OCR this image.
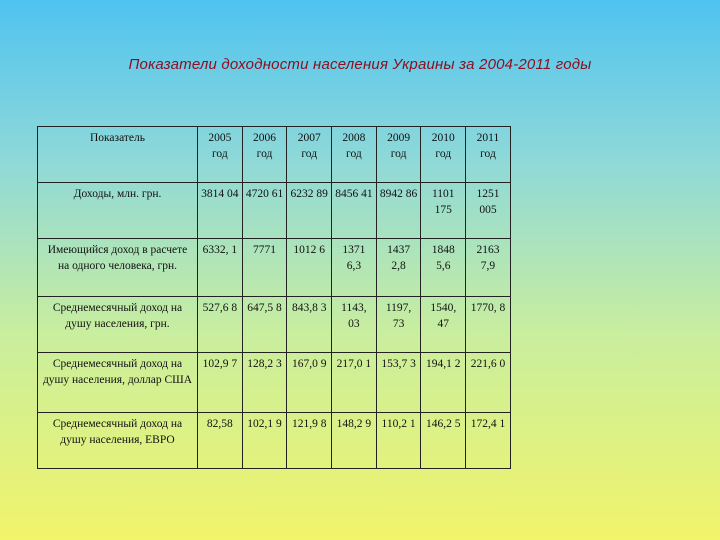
Показатели доходности населения Украины за 2004-2011 годы
Показатель	2005 год	2006 год	2007 год	2008 год	2009 год	2010 год	2011 год
Доходы, млн. грн.	3814 04	4720 61	6232 89	8456 41	8942 86	1101 175	1251 005
Имеющийся доход в расчете на одного человека, грн.	6332, 1	7771	1012 6	1371 6,3	1437 2,8	1848 5,6	2163 7,9
Среднемесячный доход на душу населения, грн.	527,6 8	647,5 8	843,8 3	1143, 03	1197, 73	1540, 47	1770, 8
Среднемесячный доход на душу населения, доллар США	102,9 7	128,2 3	167,0 9	217,0 1	153,7 3	194,1 2	221,6 0
Среднемесячный доход на душу населения, ЕВРО	82,58	102,1 9	121,9 8	148,2 9	110,2 1	146,2 5	172,4 1
